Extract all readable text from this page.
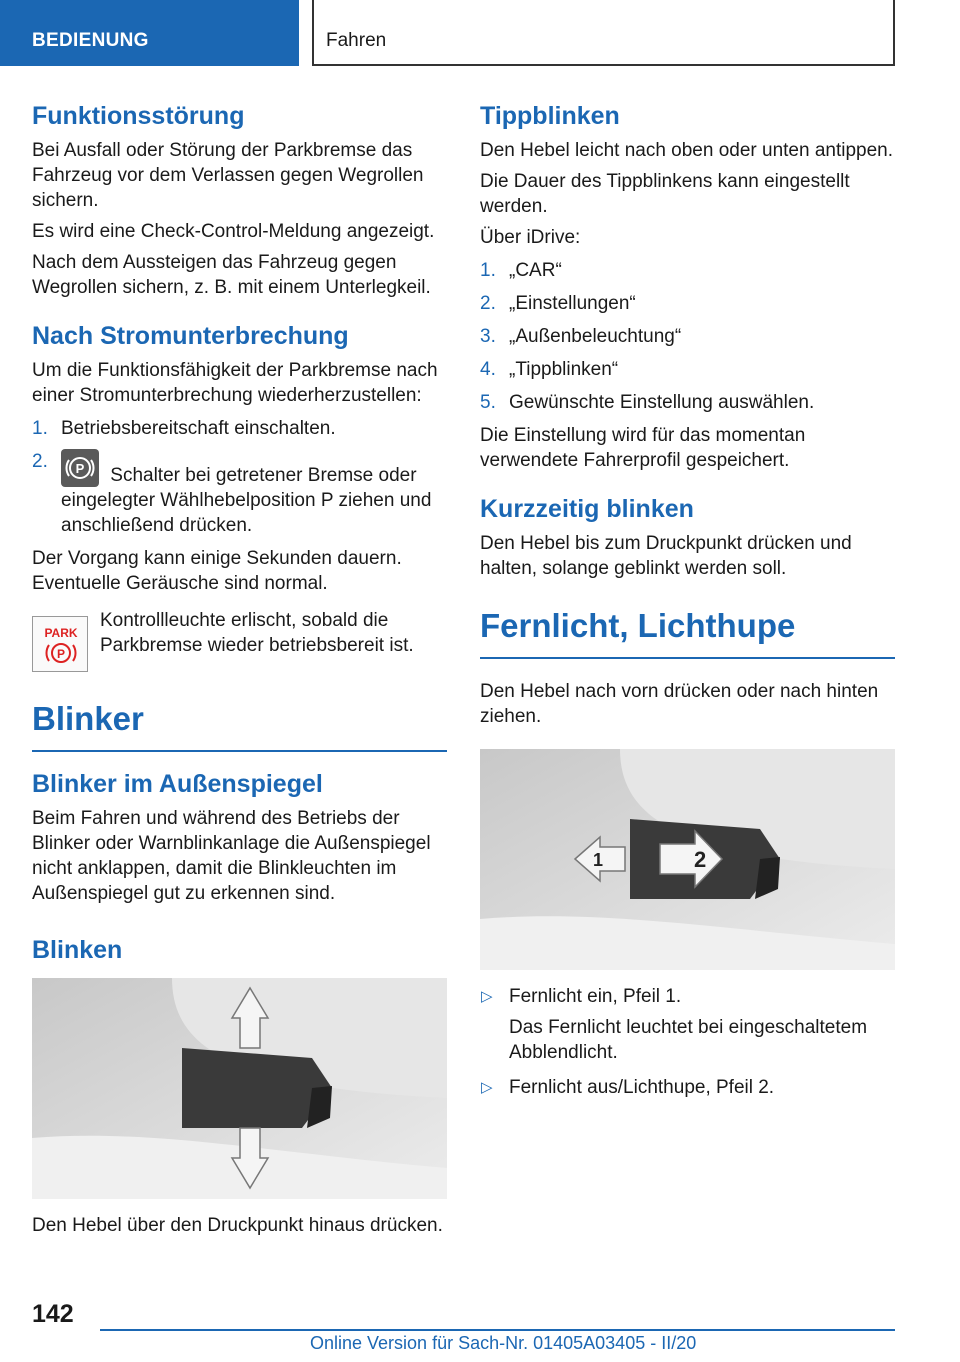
BEDIENUNG	Fahren
Funktionsstörung

Bei Ausfall oder Störung der Parkbremse das Fahrzeug vor dem Verlassen gegen Wegrollen sichern.

Es wird eine Check-Control-Meldung angezeigt.

Nach dem Aussteigen das Fahrzeug gegen Wegrollen sichern, z. B. mit einem Unterlegkeil.

Nach Stromunterbrechung

Um die Funktionsfähigkeit der Parkbremse nach einer Stromunterbrechung wiederherzustellen:

1. Betriebsbereitschaft einschalten.
2. P Schalter bei getretener Bremse oder eingelegter Wählhebelposition P ziehen und anschließend drücken.

Der Vorgang kann einige Sekunden dauern. Eventuelle Geräusche sind normal.

PARK
P

Kontrollleuchte erlischt, sobald die Parkbremse wieder betriebsbereit ist.

Blinker
Blinker im Außenspiegel

Beim Fahren und während des Betriebs der Blinker oder Warnblinkanlage die Außenspiegel nicht anklappen, damit die Blinkleuchten im Außenspiegel gut zu erkennen sind.

Blinken

Den Hebel über den Druckpunkt hinaus drücken.

Tippblinken

Den Hebel leicht nach oben oder unten antippen.

Die Dauer des Tippblinkens kann eingestellt werden.

Über iDrive:

1. „CAR“
2. „Einstellungen“
3. „Außenbeleuchtung“
4. „Tippblinken“
5. Gewünschte Einstellung auswählen.

Die Einstellung wird für das momentan verwendete Fahrerprofil gespeichert.

Kurzzeitig blinken

Den Hebel bis zum Druckpunkt drücken und halten, solange geblinkt werden soll.

Fernlicht, Lichthupe

Den Hebel nach vorn drücken oder nach hinten ziehen.

1	2
▷ Fernlicht ein, Pfeil 1.
Das Fernlicht leuchtet bei eingeschaltetem Abblendlicht.
▷ Fernlicht aus/Lichthupe, Pfeil 2.
142
Online Version für Sach-Nr. 01405A03405 - II/20
